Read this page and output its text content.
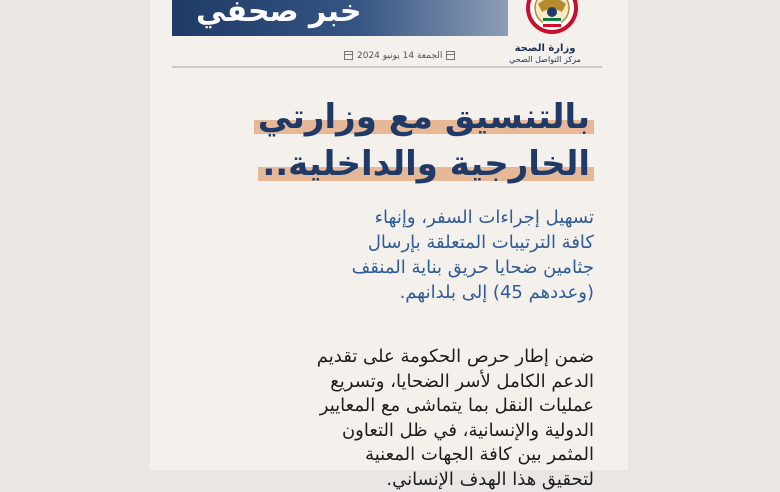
خبر صحفي
الجمعة 14 يونيو 2024
وزارة الصحة
مركز التواصل الصحي
بالتنسيق مع وزارتي
الخارجية والداخلية..
تسهيل إجراءات السفر، وإنهاء
كافة الترتيبات المتعلقة بإرسال
جثامين ضحايا حريق بناية المنقف
(وعددهم 45) إلى بلدانهم.
ضمن إطار حرص الحكومة على تقديم
الدعم الكامل لأسر الضحايا، وتسريع
عمليات النقل بما يتماشى مع المعايير
الدولية والإنسانية، في ظل التعاون
المثمر بين كافة الجهات المعنية
لتحقيق هذا الهدف الإنساني.
